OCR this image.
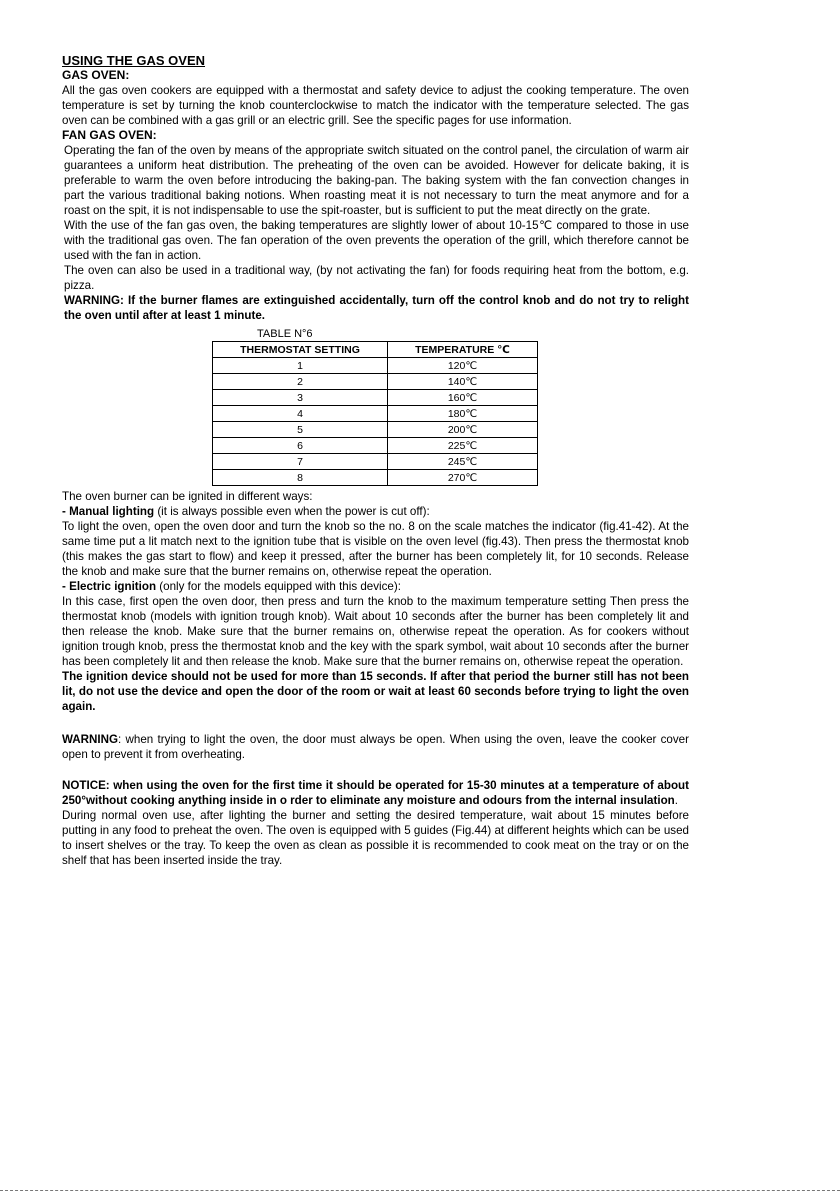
USING THE GAS OVEN
GAS OVEN:

All the gas oven cookers are equipped with a thermostat and safety device to adjust the cooking temperature. The oven temperature is set by turning the knob counterclockwise to match the indicator with the temperature selected. The gas oven can be combined with a gas grill or an electric grill. See the specific pages for use information.

FAN GAS OVEN:

Operating the fan of the oven by means of the appropriate switch situated on the control panel, the circulation of warm air guarantees a uniform heat distribution. The preheating of the oven can be avoided. However for delicate baking, it is preferable to warm the oven before introducing the baking-pan. The baking system with the fan convection changes in part the various traditional baking notions. When roasting meat it is not necessary to turn the meat anymore and for a roast on the spit, it is not indispensable to use the spit-roaster, but is sufficient to put the meat directly on the grate.

With the use of the fan gas oven, the baking temperatures are slightly lower of about 10-15℃ compared to those in use with the traditional gas oven. The fan operation of the oven prevents the operation of the grill, which therefore cannot be used with the fan in action.

The oven can also be used in a traditional way, (by not activating the fan) for foods requiring heat from the bottom, e.g. pizza.

WARNING: If the burner flames are extinguished accidentally, turn off the control knob and do not try to relight the oven until after at least 1 minute.

TABLE N°6
THERMOSTAT SETTING	TEMPERATURE ℃
1	120℃
2	140℃
3	160℃
4	180℃
5	200℃
6	225℃
7	245℃
8	270℃

The oven burner can be ignited in different ways:

- Manual lighting (it is always possible even when the power is cut off):

To light the oven, open the oven door and turn the knob so the no. 8 on the scale matches the indicator (fig.41-42). At the same time put a lit match next to the ignition tube that is visible on the oven level (fig.43). Then press the thermostat knob (this makes the gas start to flow) and keep it pressed, after the burner has been completely lit, for 10 seconds. Release the knob and make sure that the burner remains on, otherwise repeat the operation.

- Electric ignition (only for the models equipped with this device):

In this case, first open the oven door, then press and turn the knob to the maximum temperature setting Then press the thermostat knob (models with ignition trough knob). Wait about 10 seconds after the burner has been completely lit and then release the knob. Make sure that the burner remains on, otherwise repeat the operation. As for cookers without ignition trough knob, press the thermostat knob and the key with the spark symbol, wait about 10 seconds after the burner has been completely lit and then release the knob. Make sure that the burner remains on, otherwise repeat the operation.

The ignition device should not be used for more than 15 seconds. If after that period the burner still has not been lit, do not use the device and open the door of the room or wait at least 60 seconds before trying to light the oven again.

WARNING: when trying to light the oven, the door must always be open. When using the oven, leave the cooker cover open to prevent it from overheating.

NOTICE: when using the oven for the first time it should be operated for 15-30 minutes at a temperature of about 250°without cooking anything inside in o rder to eliminate any moisture and odours from the internal insulation.

During normal oven use, after lighting the burner and setting the desired temperature, wait about 15 minutes before putting in any food to preheat the oven. The oven is equipped with 5 guides (Fig.44) at different heights which can be used to insert shelves or the tray. To keep the oven as clean as possible it is recommended to cook meat on the tray or on the shelf that has been inserted inside the tray.
